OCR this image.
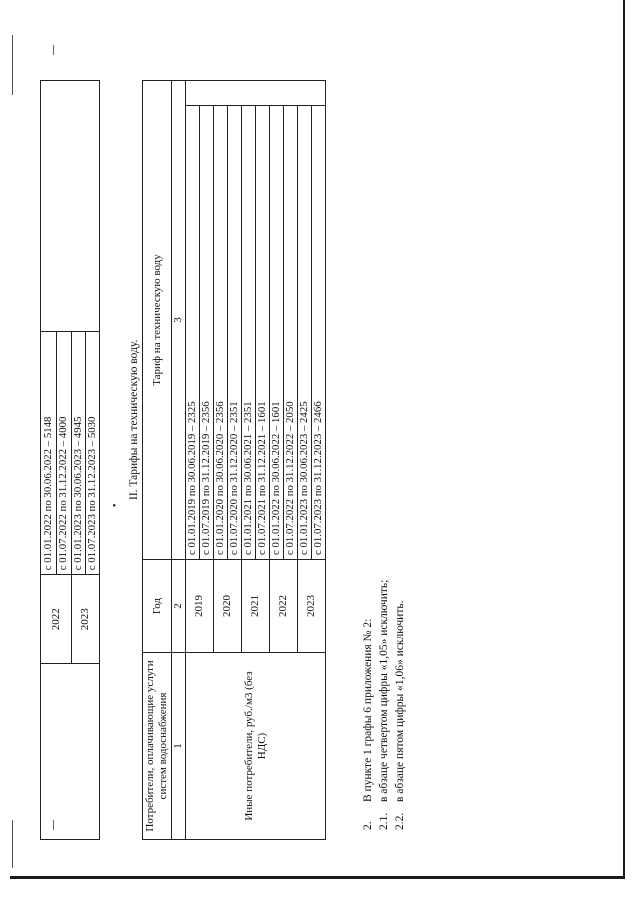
	2022	с 01.01.2022 по 30.06.2022 – 5148	
		с 01.07.2022 по 31.12.2022 – 4000	
	2023	с 01.01.2023 по 30.06.2023 – 4945	
		с 01.07.2023 по 31.12.2023 – 5030	•
II. Тарифы на техническую воду.
Потребители, оплачивающие услуги систем водоснабжения	Год	Тариф на техническую воду	
1	2	3	
Иные потребители, руб./м3 (без НДС)	2019	с 01.01.2019 по 30.06.2019 – 2325	
		с 01.07.2019 по 31.12.2019 – 2356	
	2020	с 01.01.2020 по 30.06.2020 – 2356	
		с 01.07.2020 по 31.12.2020 – 2351	
	2021	с 01.01.2021 по 30.06.2021 – 2351	
		с 01.07.2021 по 31.12.2021 – 1601	
	2022	с 01.01.2022 по 30.06.2022 – 1601	
		с 01.07.2022 по 31.12.2022 – 2050	
	2023	с 01.01.2023 по 30.06.2023 – 2425	
		с 01.07.2023 по 31.12.2023 – 2466	
2.В пункте 1 графы 6 приложения № 2:
2.1.в абзаце четвертом цифры «1,05» исключить;
2.2.в абзаце пятом цифры «1,06» исключить.
